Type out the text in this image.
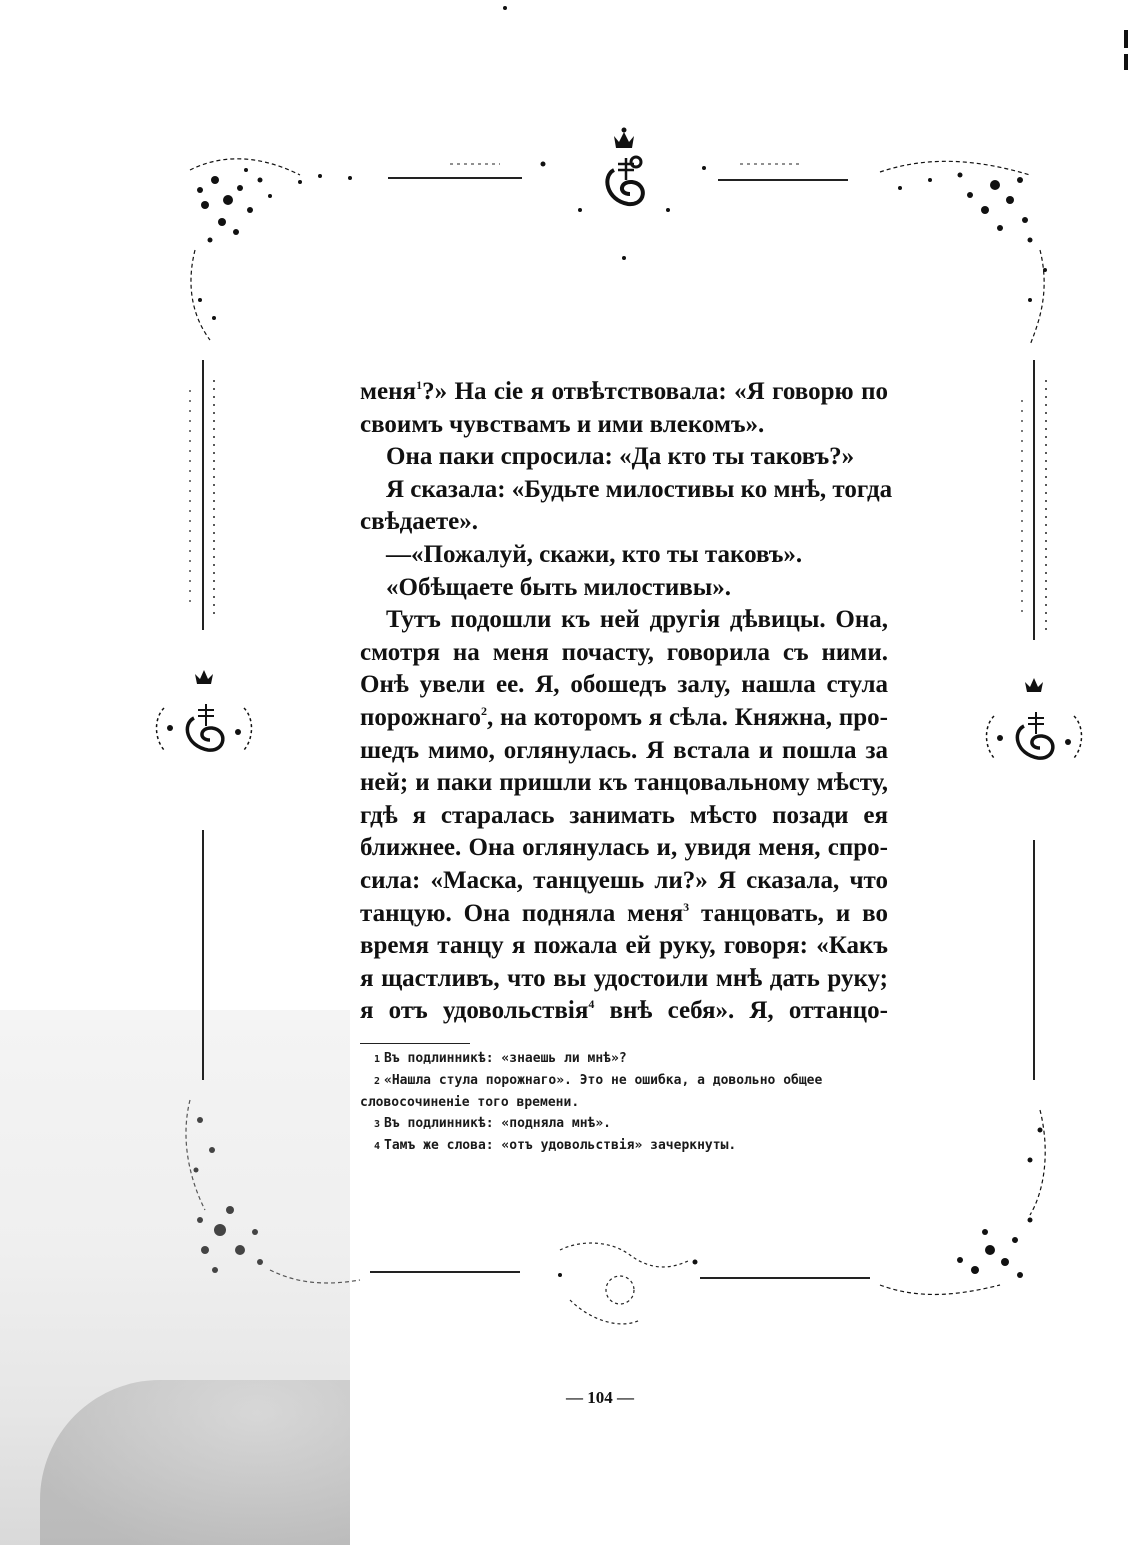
меня$^1$?» На сіе я отвѣтствовала: «Я говорю по
своимъ чувствамъ и ими влекомъ».
Она паки спросила: «Да кто ты таковъ?»
Я сказала: «Будьте милостивы ко мнѣ, тогда
свѣдаете».
—«Пожалуй, скажи, кто ты таковъ».
«Обѣщаете быть милостивы».
Тутъ подошли къ ней другія дѣвицы. Она,
смотря на меня почасту, говорила съ ними.
Онѣ увели ее. Я, обошедъ залу, нашла стула
порожнаго$^2$, на которомъ я сѣла. Княжна, про-
шедъ мимо, оглянулась. Я встала и пошла за
ней; и паки пришли къ танцовальному мѣсту,
гдѣ я старалась занимать мѣсто позади ея
ближнее. Она оглянулась и, увидя меня, спро-
сила: «Маска, танцуешь ли?» Я сказала, что
танцую. Она подняла меня$^3$ танцовать, и во
время танцу я пожала ей руку, говоря: «Какъ
я щастливъ, что вы удостоили мнѣ дать руку;
я отъ удовольствія$^4$ внѣ себя». Я, оттанцо-
1 Въ подлинникѣ: «знаешь ли мнѣ»?
2 «Нашла стула порожнаго». Это не ошибка, а довольно общее
словосочиненіе того времени.
3 Въ подлинникѣ: «подняла мнѣ».
4 Тамъ же слова: «отъ удовольствія» зачеркнуты.
— 104 —
